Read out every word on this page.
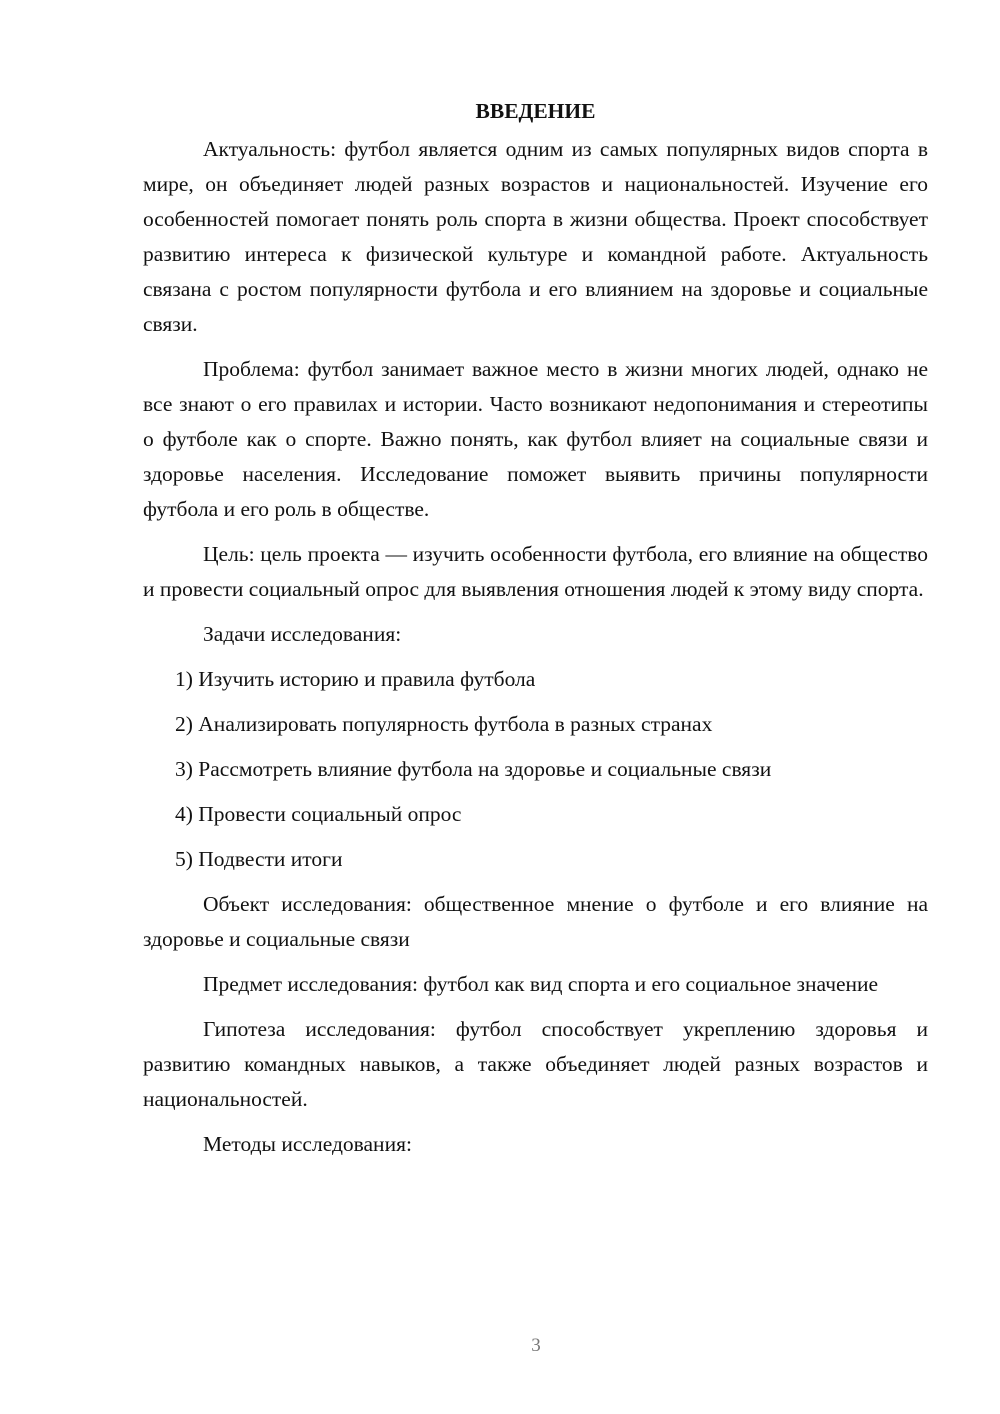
ВВЕДЕНИЕ

Актуальность: футбол является одним из самых популярных видов спорта в мире, он объединяет людей разных возрастов и национальностей. Изучение его особенностей помогает понять роль спорта в жизни общества. Проект способствует развитию интереса к физической культуре и командной работе. Актуальность связана с ростом популярности футбола и его влиянием на здоровье и социальные связи.

Проблема: футбол занимает важное место в жизни многих людей, однако не все знают о его правилах и истории. Часто возникают недопонимания и стереотипы о футболе как о спорте. Важно понять, как футбол влияет на социальные связи и здоровье населения. Исследование поможет выявить причины популярности футбола и его роль в обществе.

Цель: цель проекта — изучить особенности футбола, его влияние на общество и провести социальный опрос для выявления отношения людей к этому виду спорта.

Задачи исследования:

1) Изучить историю и правила футбола
2) Анализировать популярность футбола в разных странах
3) Рассмотреть влияние футбола на здоровье и социальные связи
4) Провести социальный опрос
5) Подвести итоги

Объект исследования: общественное мнение о футболе и его влияние на здоровье и социальные связи

Предмет исследования: футбол как вид спорта и его социальное значение

Гипотеза исследования: футбол способствует укреплению здоровья и развитию командных навыков, а также объединяет людей разных возрастов и национальностей.

Методы исследования:

3
